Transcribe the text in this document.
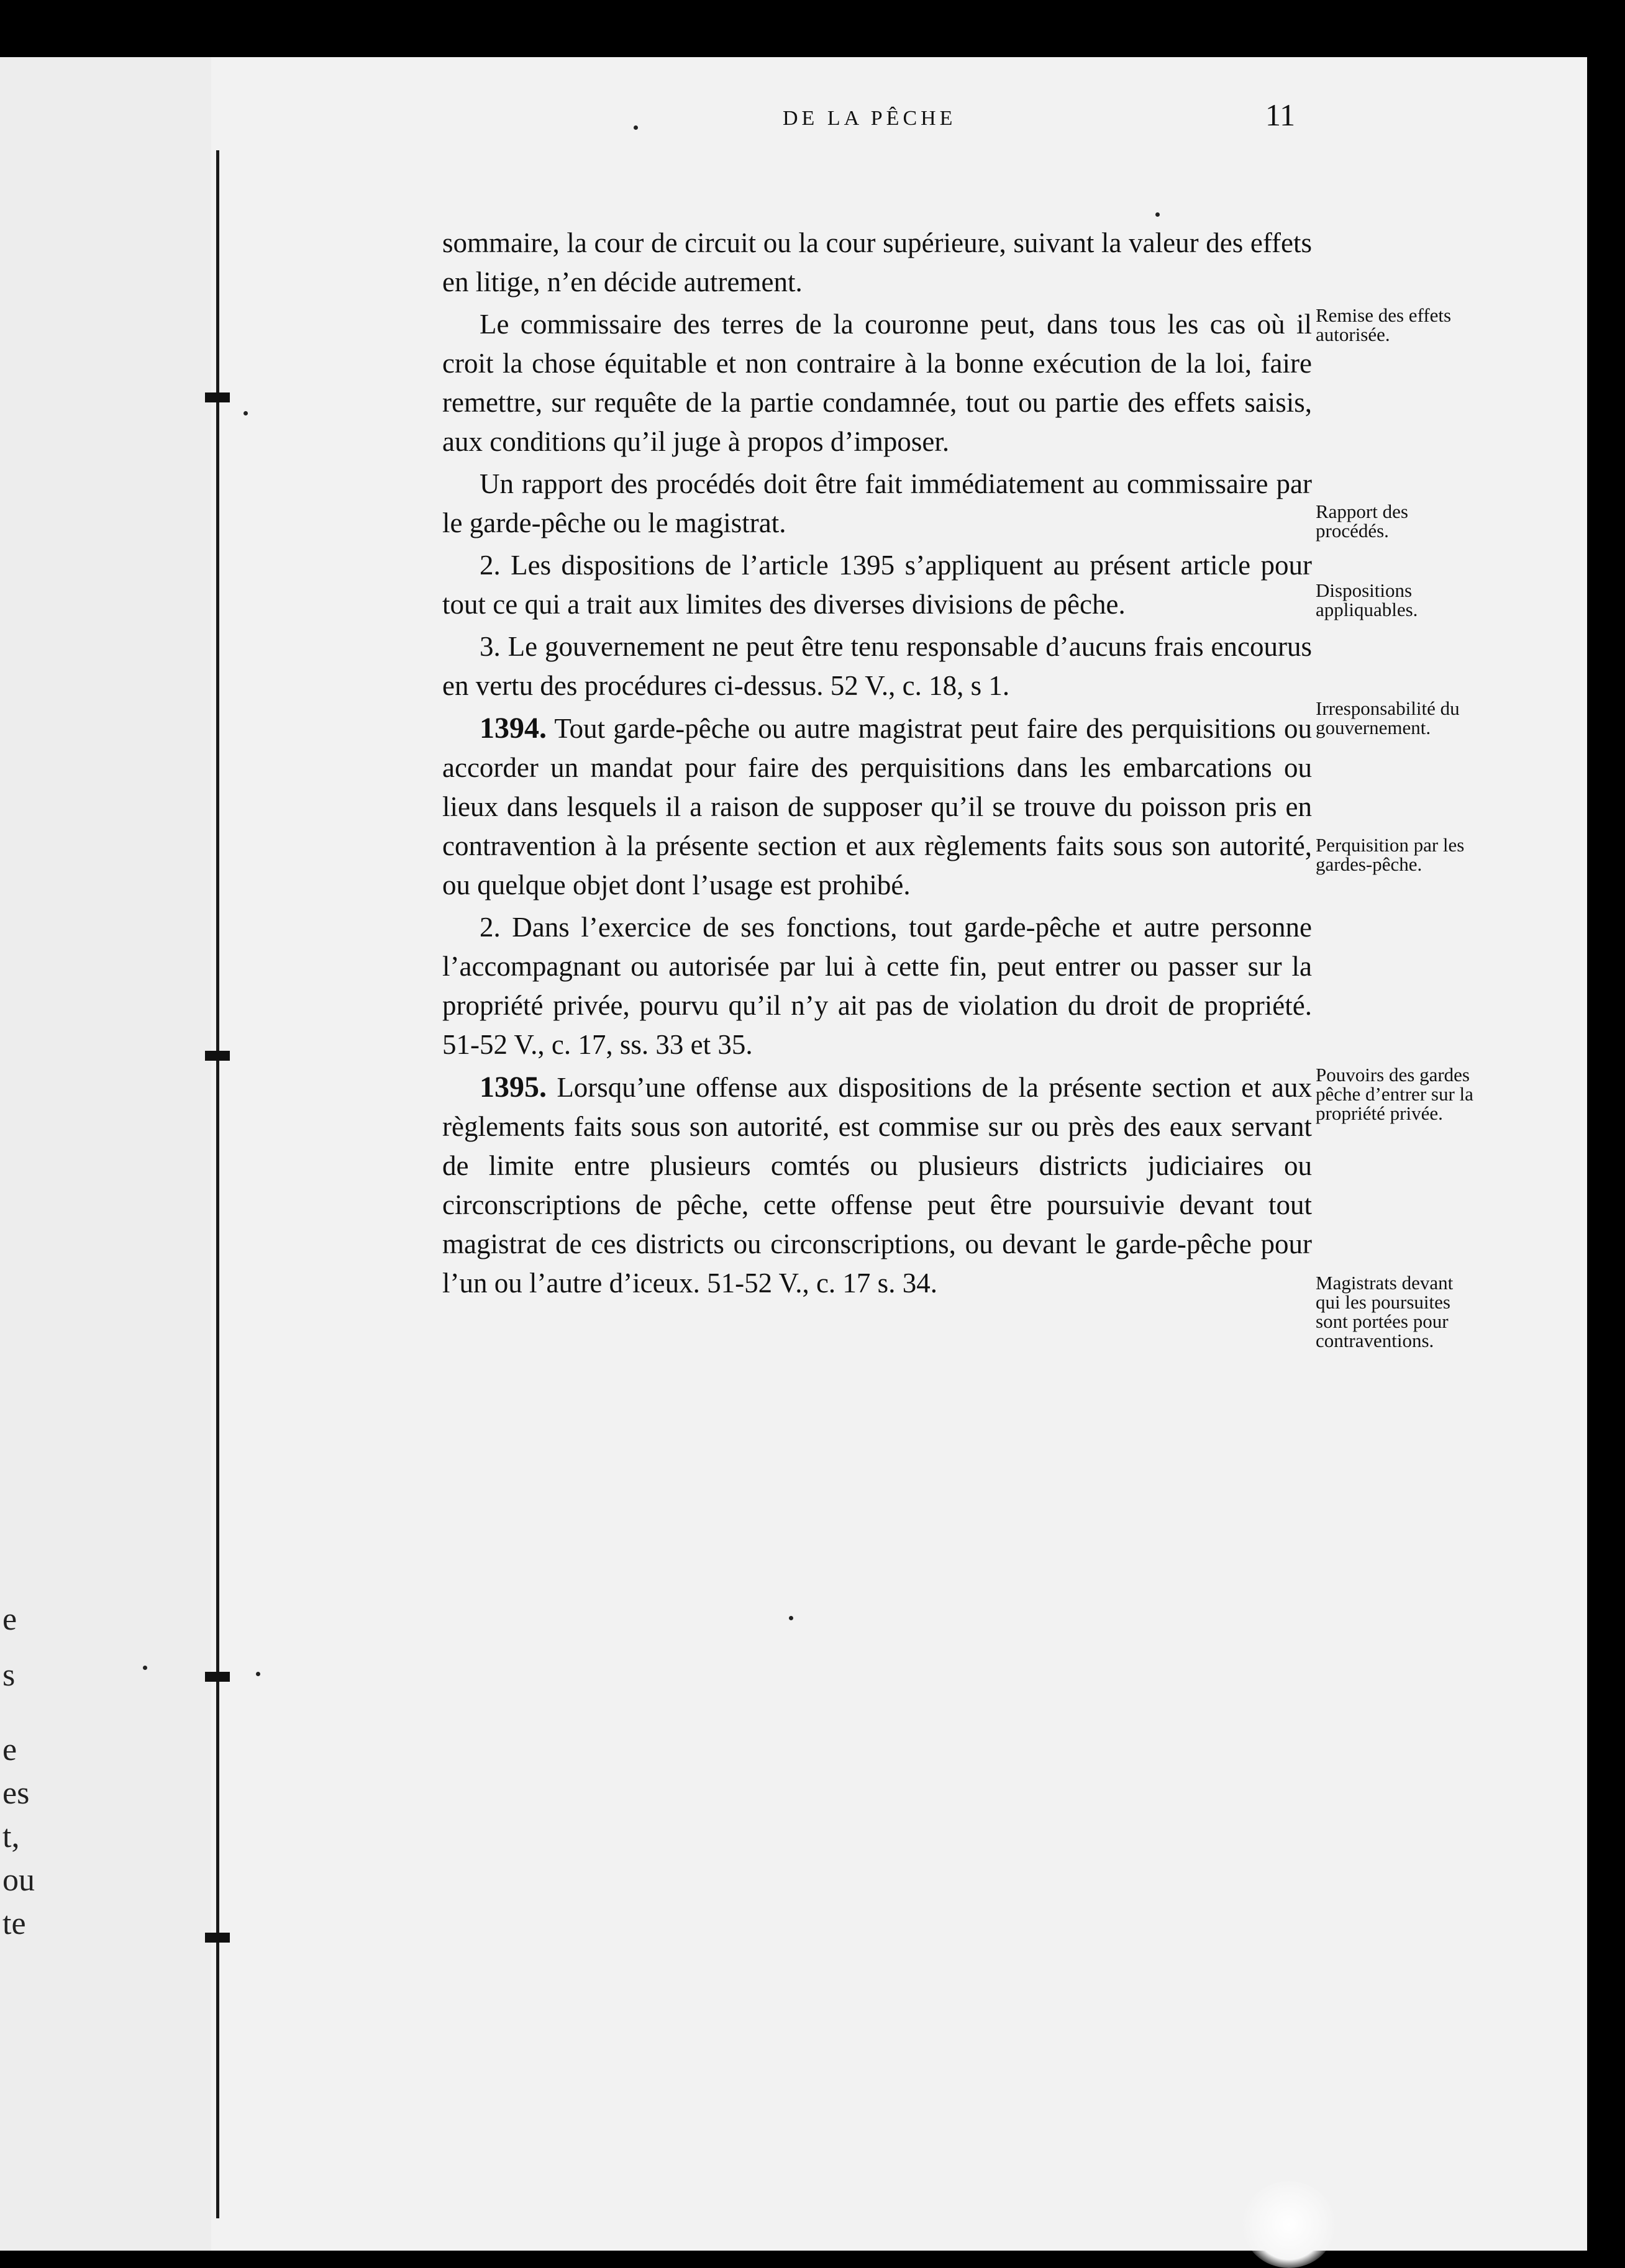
e
s
e
es
t,
ou
te
DE LA PÊCHE	11

sommaire, la cour de circuit ou la cour supérieure, suivant la valeur des effets en litige, n’en décide autrement.

Le commissaire des terres de la couronne peut, dans tous les cas où il croit la chose équitable et non contraire à la bonne exécution de la loi, faire remettre, sur requête de la partie condamnée, tout ou partie des effets saisis, aux conditions qu’il juge à propos d’imposer.

Un rapport des procédés doit être fait immédiatement au commissaire par le garde-pêche ou le magistrat.

2. Les dispositions de l’article 1395 s’appliquent au présent article pour tout ce qui a trait aux limites des diverses divisions de pêche.

3. Le gouvernement ne peut être tenu responsable d’aucuns frais encourus en vertu des procédures ci-dessus. 52 V., c. 18, s 1.

1394. Tout garde-pêche ou autre magistrat peut faire des perquisitions ou accorder un mandat pour faire des perquisitions dans les embarcations ou lieux dans lesquels il a raison de supposer qu’il se trouve du poisson pris en contravention à la présente section et aux règlements faits sous son autorité, ou quelque objet dont l’usage est prohibé.

2. Dans l’exercice de ses fonctions, tout garde-pêche et autre personne l’accompagnant ou autorisée par lui à cette fin, peut entrer ou passer sur la propriété privée, pourvu qu’il n’y ait pas de violation du droit de propriété. 51-52 V., c. 17, ss. 33 et 35.

1395. Lorsqu’une offense aux dispositions de la présente section et aux règlements faits sous son autorité, est commise sur ou près des eaux servant de limite entre plusieurs comtés ou plusieurs districts judiciaires ou circonscriptions de pêche, cette offense peut être poursuivie devant tout magistrat de ces districts ou circonscriptions, ou devant le garde-pêche pour l’un ou l’autre d’iceux. 51-52 V., c. 17 s. 34.

Remise des effets autorisée.
Rapport des procédés.
Dispositions appliquables.
Irresponsabilité du gouvernement.
Perquisition par les gardes-pêche.
Pouvoirs des gardes pêche d’entrer sur la propriété privée.
Magistrats devant qui les poursuites sont portées pour contraventions.
